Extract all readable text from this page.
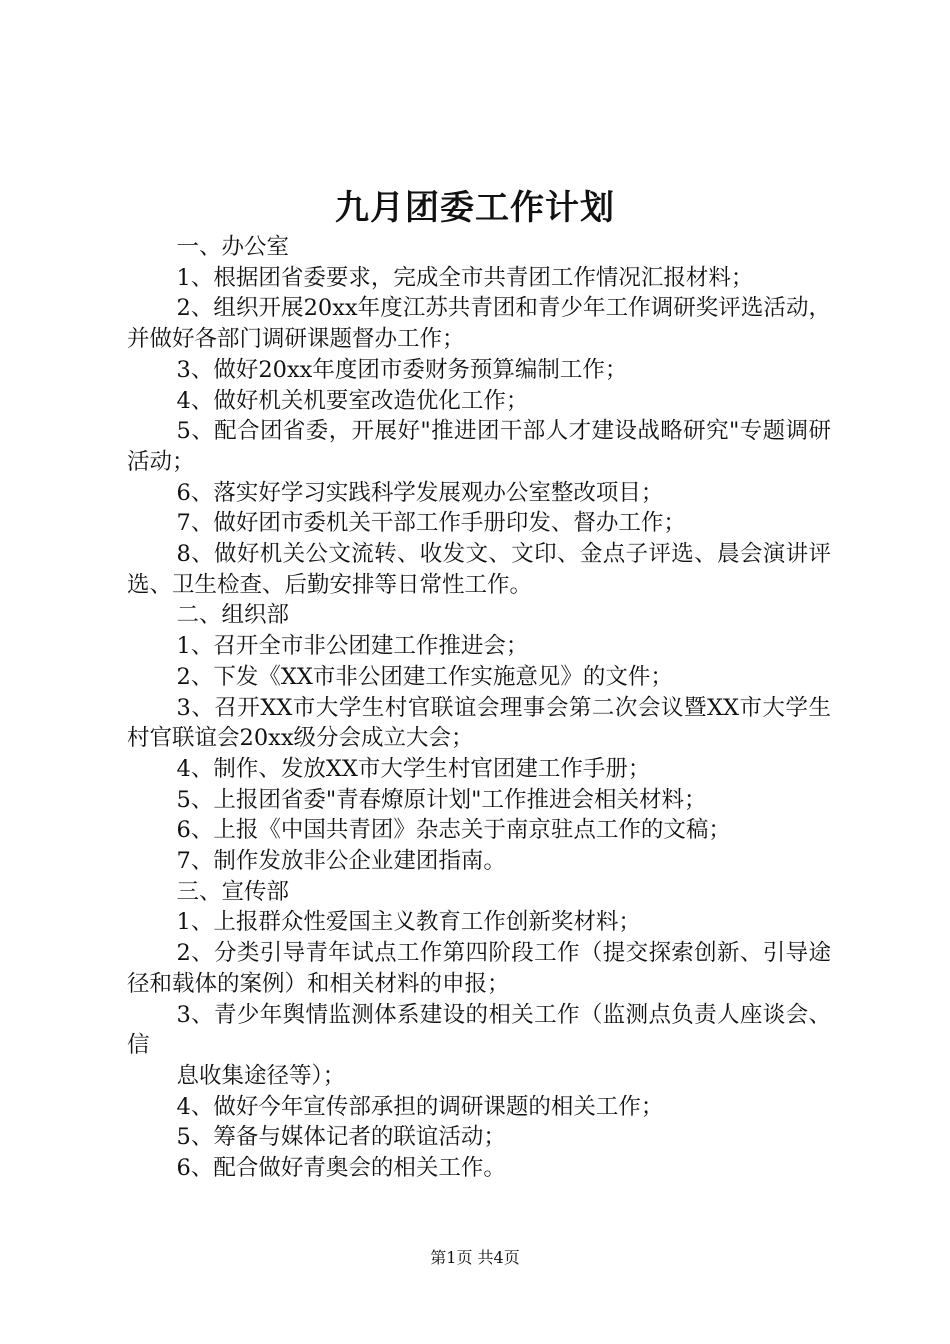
九月团委工作计划

一、办公室

1、根据团省委要求，完成全市共青团工作情况汇报材料；

2、组织开展20xx年度江苏共青团和青少年工作调研奖评选活动，并做好各部门调研课题督办工作；

3、做好20xx年度团市委财务预算编制工作；

4、做好机关机要室改造优化工作；

5、配合团省委，开展好"推进团干部人才建设战略研究"专题调研活动；

6、落实好学习实践科学发展观办公室整改项目；

7、做好团市委机关干部工作手册印发、督办工作；

8、做好机关公文流转、收发文、文印、金点子评选、晨会演讲评选、卫生检查、后勤安排等日常性工作。

二、组织部

1、召开全市非公团建工作推进会；

2、下发《XX市非公团建工作实施意见》的文件；

3、召开XX市大学生村官联谊会理事会第二次会议暨XX市大学生村官联谊会20xx级分会成立大会；

4、制作、发放XX市大学生村官团建工作手册；

5、上报团省委"青春燎原计划"工作推进会相关材料；

6、上报《中国共青团》杂志关于南京驻点工作的文稿；

7、制作发放非公企业建团指南。

三、宣传部

1、上报群众性爱国主义教育工作创新奖材料；

2、分类引导青年试点工作第四阶段工作（提交探索创新、引导途径和载体的案例）和相关材料的申报；

3、青少年舆情监测体系建设的相关工作（监测点负责人座谈会、信

息收集途径等）；

4、做好今年宣传部承担的调研课题的相关工作；

5、筹备与媒体记者的联谊活动；

6、配合做好青奥会的相关工作。

第1页 共4页
